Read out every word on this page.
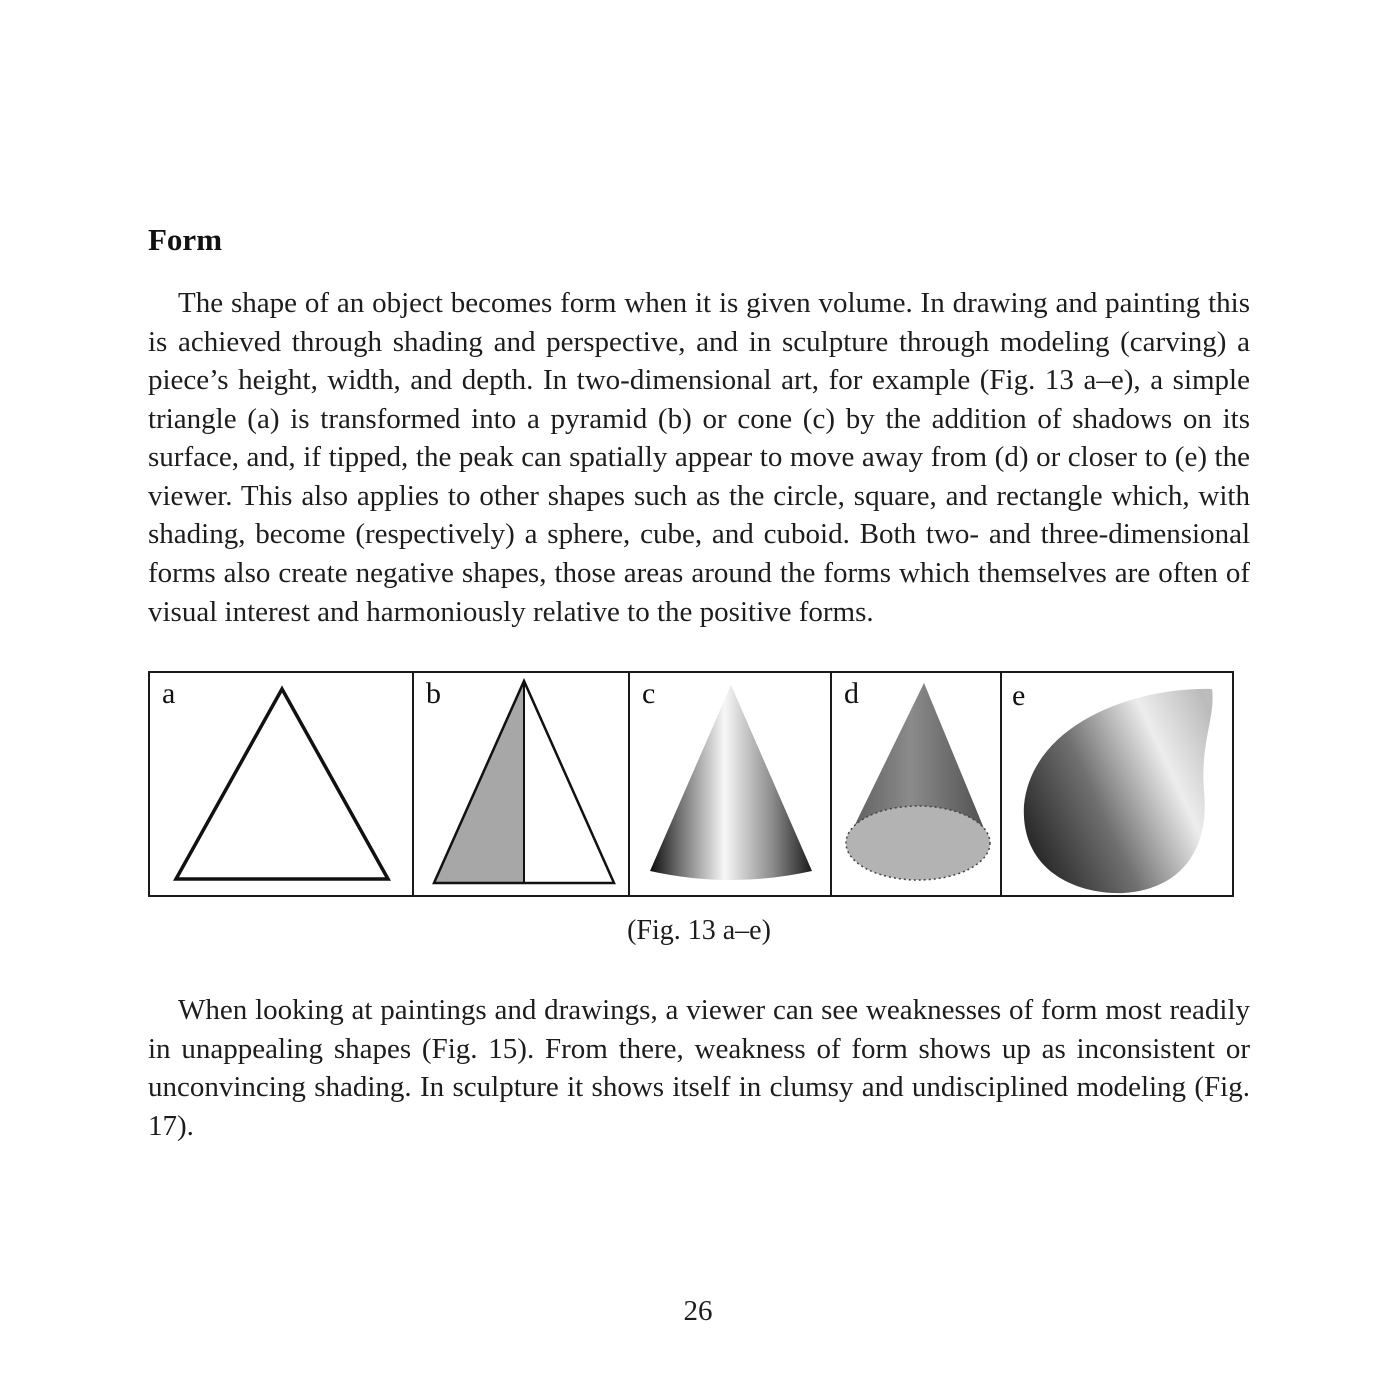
Form

The shape of an object becomes form when it is given volume. In drawing and painting this is achieved through shading and perspective, and in sculpture through modeling (carving) a piece’s height, width, and depth. In two-dimensional art, for example (Fig. 13 a–e), a simple triangle (a) is transformed into a pyramid (b) or cone (c) by the addition of shadows on its surface, and, if tipped, the peak can spatially appear to move away from (d) or closer to (e) the viewer. This also applies to other shapes such as the circle, square, and rectangle which, with shading, become (respectively) a sphere, cube, and cuboid. Both two- and three-dimensional forms also create negative shapes, those areas around the forms which themselves are often of visual interest and harmoniously relative to the positive forms.

a	b	c	d	e
(Fig. 13 a–e)

When looking at paintings and drawings, a viewer can see weaknesses of form most readily in unappealing shapes (Fig. 15). From there, weakness of form shows up as inconsistent or unconvincing shading. In sculpture it shows itself in clumsy and undisciplined modeling (Fig. 17).

26
